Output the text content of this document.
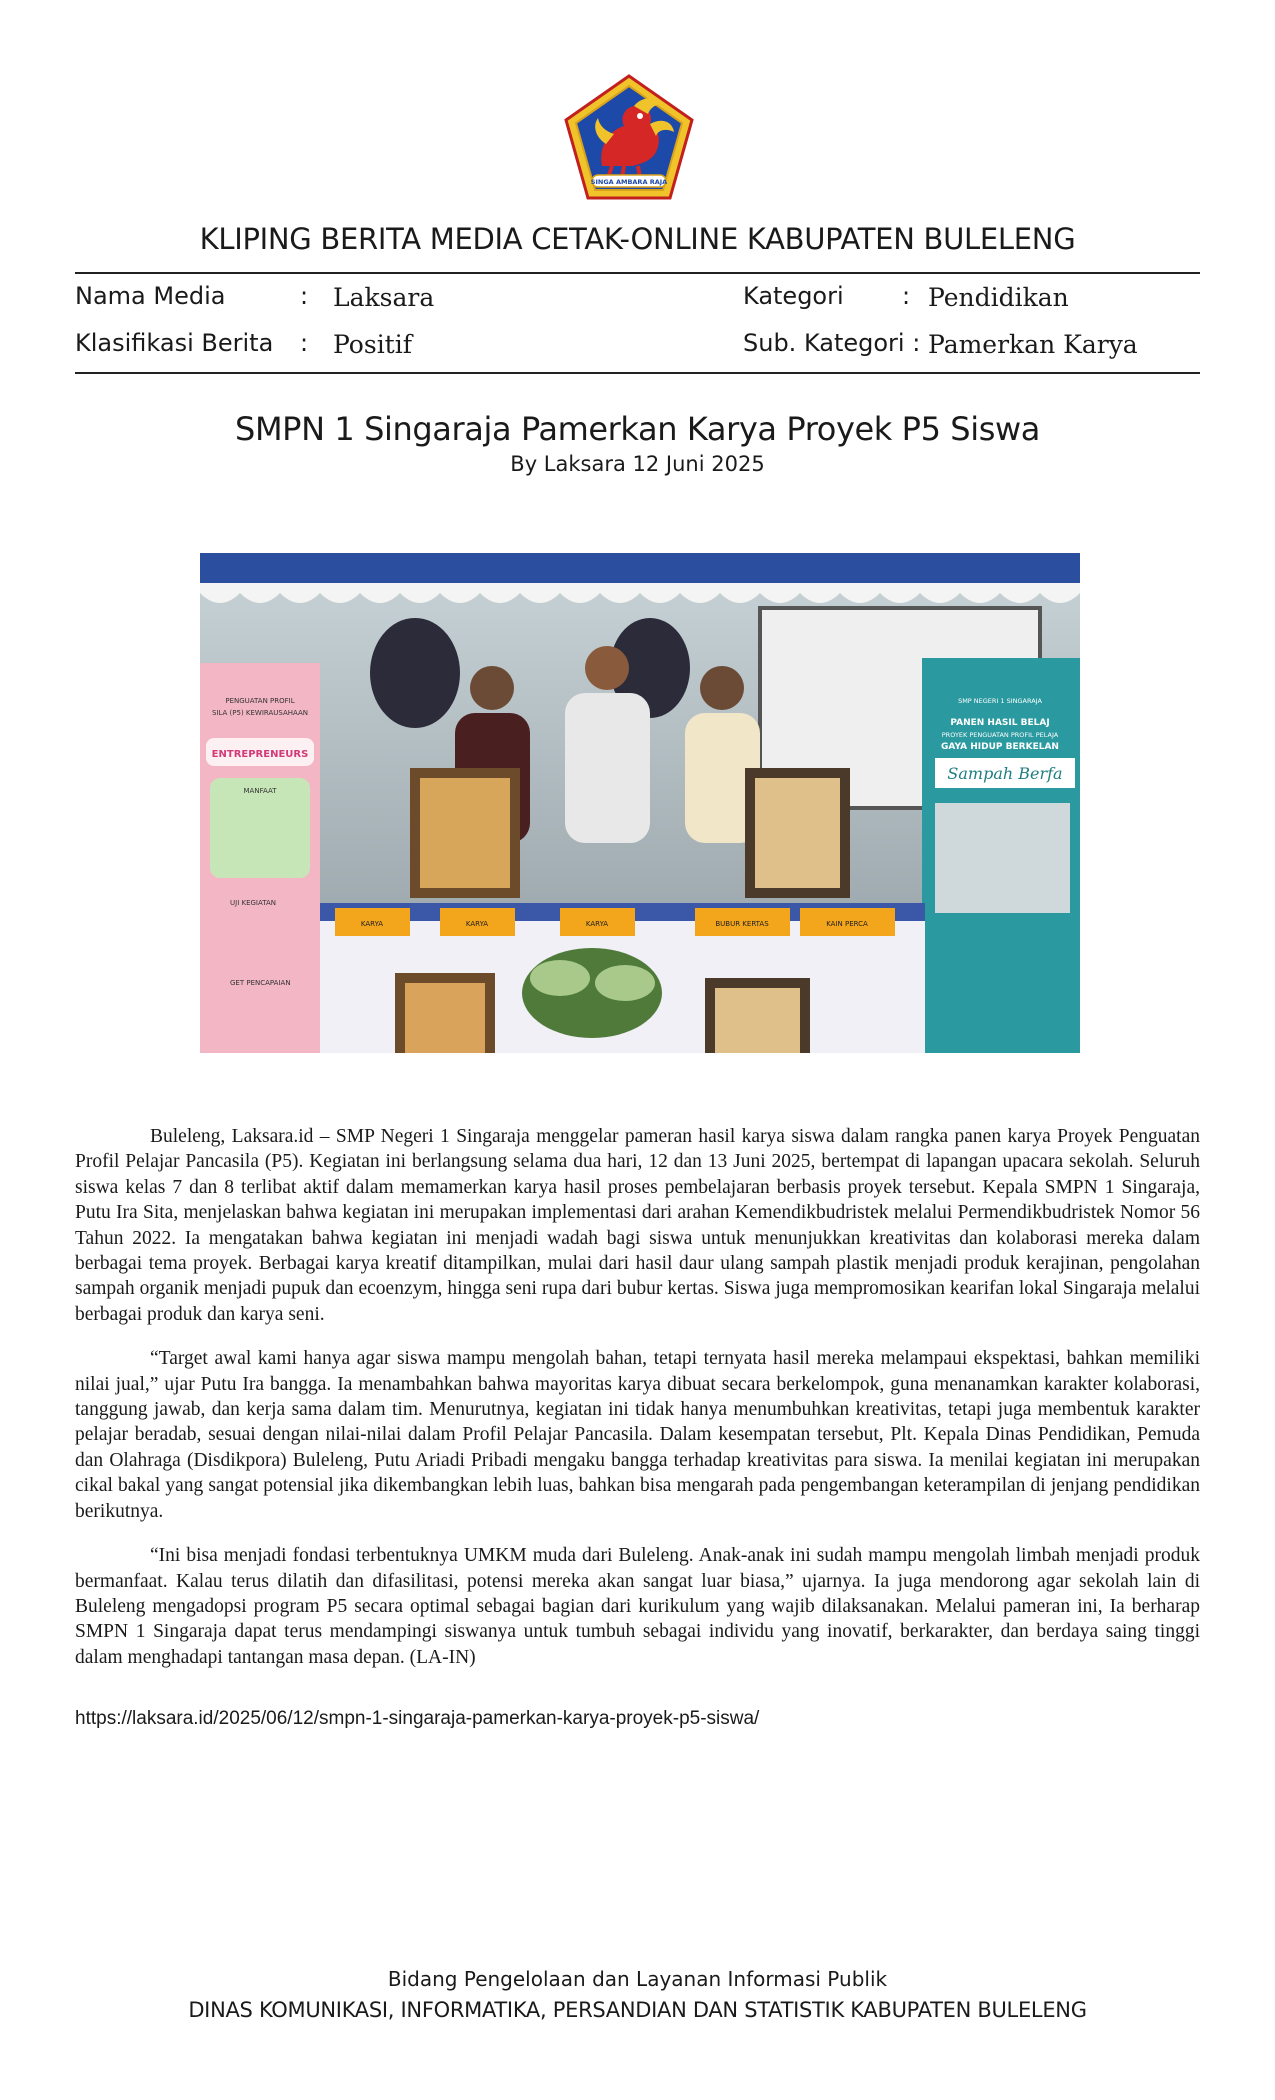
SINGA AMBARA RAJA
KLIPING BERITA MEDIA CETAK-ONLINE KABUPATEN BULELENG
Nama Media	: Laksara
Klasifikasi Berita : Positif
Kategori : Pendidikan
Sub. Kategori : Pamerkan Karya
SMPN 1 Singaraja Pamerkan Karya Proyek P5 Siswa
By Laksara 12 Juni 2025
PENGUATAN PROFIL
SILA (P5) KEWIRAUSAHAAN
ENTREPRENEURS
MANFAAT
UJI KEGIATAN
GET PENCAPAIAN
SMP NEGERI 1 SINGARAJA
PANEN HASIL BELAJ
PROYEK PENGUATAN PROFIL PELAJA
GAYA HIDUP BERKELAN
Sampah Berfa
KARYA	KARYA	KARYA	BUBUR KERTAS	KAIN PERCA

Buleleng, Laksara.id – SMP Negeri 1 Singaraja menggelar pameran hasil karya siswa dalam rangka panen karya Proyek Penguatan Profil Pelajar Pancasila (P5). Kegiatan ini berlangsung selama dua hari, 12 dan 13 Juni 2025, bertempat di lapangan upacara sekolah. Seluruh siswa kelas 7 dan 8 terlibat aktif dalam memamerkan karya hasil proses pembelajaran berbasis proyek tersebut. Kepala SMPN 1 Singaraja, Putu Ira Sita, menjelaskan bahwa kegiatan ini merupakan implementasi dari arahan Kemendikbudristek melalui Permendikbudristek Nomor 56 Tahun 2022. Ia mengatakan bahwa kegiatan ini menjadi wadah bagi siswa untuk menunjukkan kreativitas dan kolaborasi mereka dalam berbagai tema proyek. Berbagai karya kreatif ditampilkan, mulai dari hasil daur ulang sampah plastik menjadi produk kerajinan, pengolahan sampah organik menjadi pupuk dan ecoenzym, hingga seni rupa dari bubur kertas. Siswa juga mempromosikan kearifan lokal Singaraja melalui berbagai produk dan karya seni.

“Target awal kami hanya agar siswa mampu mengolah bahan, tetapi ternyata hasil mereka melampaui ekspektasi, bahkan memiliki nilai jual,” ujar Putu Ira bangga. Ia menambahkan bahwa mayoritas karya dibuat secara berkelompok, guna menanamkan karakter kolaborasi, tanggung jawab, dan kerja sama dalam tim. Menurutnya, kegiatan ini tidak hanya menumbuhkan kreativitas, tetapi juga membentuk karakter pelajar beradab, sesuai dengan nilai-nilai dalam Profil Pelajar Pancasila. Dalam kesempatan tersebut, Plt. Kepala Dinas Pendidikan, Pemuda dan Olahraga (Disdikpora) Buleleng, Putu Ariadi Pribadi mengaku bangga terhadap kreativitas para siswa. Ia menilai kegiatan ini merupakan cikal bakal yang sangat potensial jika dikembangkan lebih luas, bahkan bisa mengarah pada pengembangan keterampilan di jenjang pendidikan berikutnya.

“Ini bisa menjadi fondasi terbentuknya UMKM muda dari Buleleng. Anak-anak ini sudah mampu mengolah limbah menjadi produk bermanfaat. Kalau terus dilatih dan difasilitasi, potensi mereka akan sangat luar biasa,” ujarnya. Ia juga mendorong agar sekolah lain di Buleleng mengadopsi program P5 secara optimal sebagai bagian dari kurikulum yang wajib dilaksanakan. Melalui pameran ini, Ia berharap SMPN 1 Singaraja dapat terus mendampingi siswanya untuk tumbuh sebagai individu yang inovatif, berkarakter, dan berdaya saing tinggi dalam menghadapi tantangan masa depan. (LA-IN)

https://laksara.id/2025/06/12/smpn-1-singaraja-pamerkan-karya-proyek-p5-siswa/
Bidang Pengelolaan dan Layanan Informasi Publik
DINAS KOMUNIKASI, INFORMATIKA, PERSANDIAN DAN STATISTIK KABUPATEN BULELENG
